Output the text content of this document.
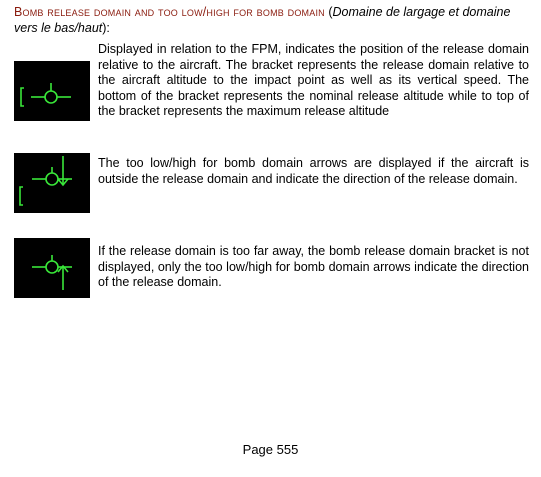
Bomb release domain and too low/high for bomb domain (Domaine de largage et domaine vers le bas/haut):
Displayed in relation to the FPM, indicates the position of the release domain relative to the aircraft. The bracket represents the release domain relative to the aircraft altitude to the impact point as well as its vertical speed. The bottom of the bracket represents the nominal release altitude while to top of the bracket represents the maximum release altitude
The too low/high for bomb domain arrows are displayed if the aircraft is outside the release domain and indicate the direction of the release domain.
If the release domain is too far away, the bomb release domain bracket is not displayed, only the too low/high for bomb domain arrows indicate the direction of the release domain.
Page 555
